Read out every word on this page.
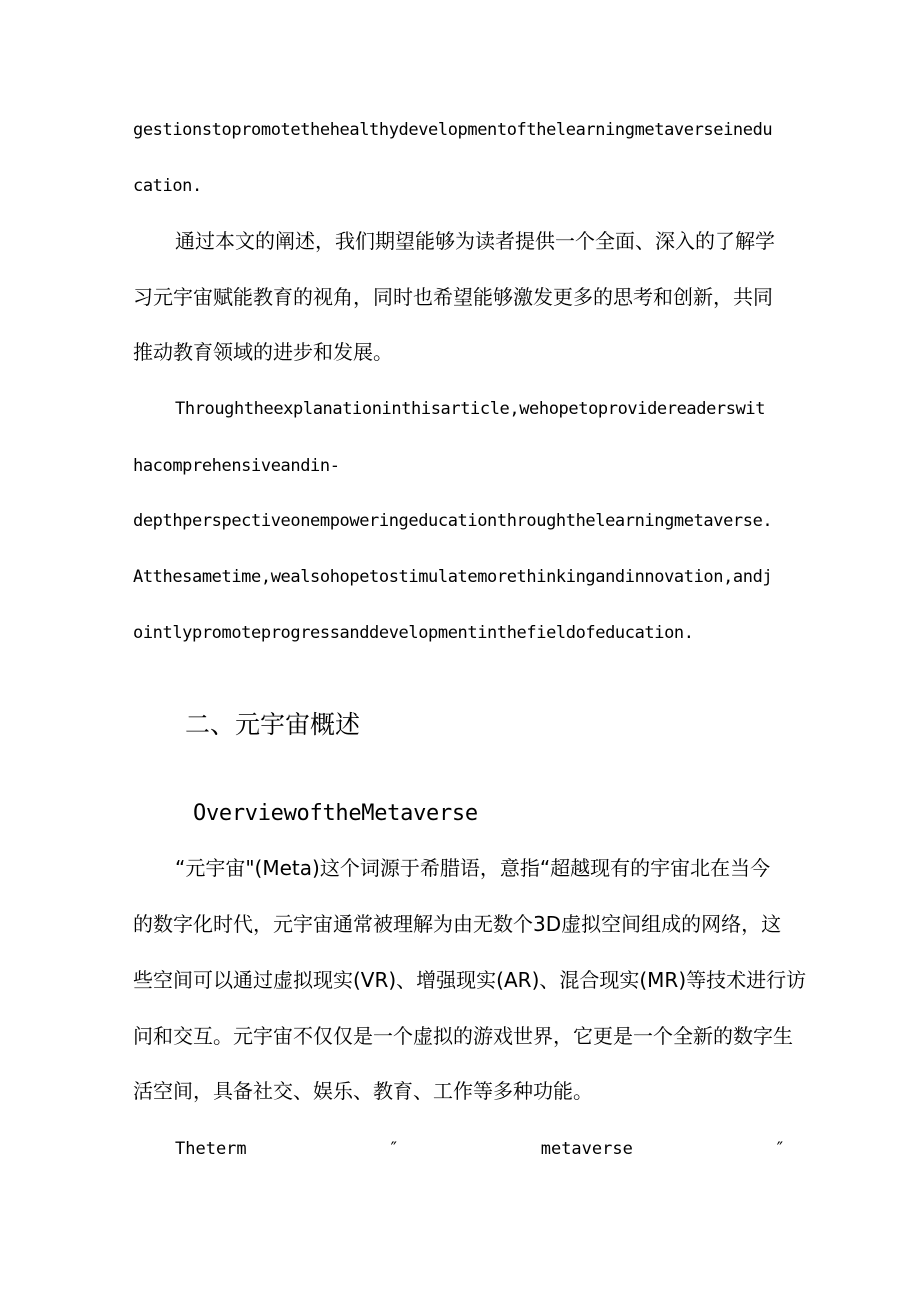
gestionstopromotethehealthydevelopmentofthelearningmetaverseinedu
cation.
通过本文的阐述，我们期望能够为读者提供一个全面、深入的了解学
习元宇宙赋能教育的视角，同时也希望能够激发更多的思考和创新，共同
推动教育领域的进步和发展。
Throughtheexplanationinthisarticle,wehopetoprovidereaderswit
hacomprehensiveandin-
depthperspectiveonempoweringeducationthroughthelearningmetaverse.
Atthesametime,wealsohopetostimulatemorethinkingandinnovation,andj
ointlypromoteprogressanddevelopmentinthefieldofeducation.
二、元宇宙概述
OverviewoftheMetaverse
“元宇宙"(Meta)这个词源于希腊语，意指“超越现有的宇宙北在当今
的数字化时代，元宇宙通常被理解为由无数个3D虚拟空间组成的网络，这
些空间可以通过虚拟现实(VR)、增强现实(AR)、混合现实(MR)等技术进行访
问和交互。元宇宙不仅仅是一个虚拟的游戏世界，它更是一个全新的数字生
活空间，具备社交、娱乐、教育、工作等多种功能。
Theterm	″	metaverse	″
